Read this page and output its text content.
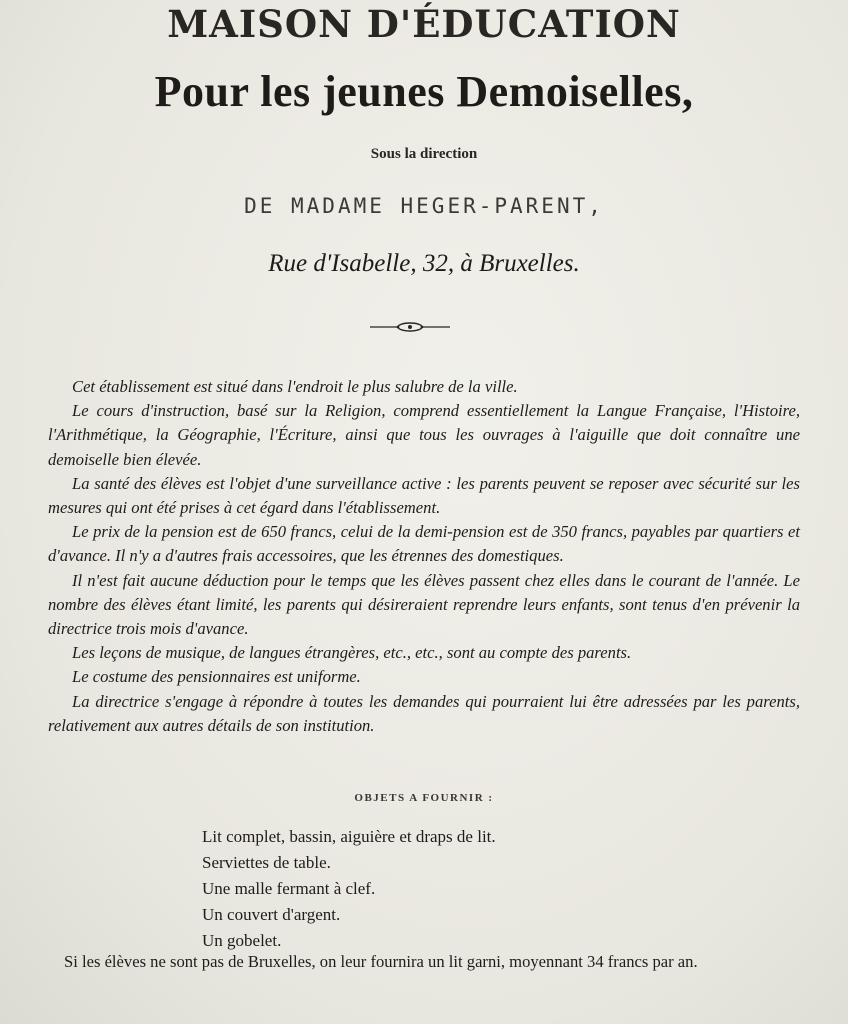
MAISON D'ÉDUCATION
Pour les jeunes Demoiselles,
Sous la direction
DE MADAME HEGER-PARENT,
Rue d'Isabelle, 32, à Bruxelles.

Cet établissement est situé dans l'endroit le plus salubre de la ville.

Le cours d'instruction, basé sur la Religion, comprend essentiellement la Langue Française, l'Histoire, l'Arithmétique, la Géographie, l'Écriture, ainsi que tous les ouvrages à l'aiguille que doit connaître une demoiselle bien élevée.

La santé des élèves est l'objet d'une surveillance active : les parents peuvent se reposer avec sécurité sur les mesures qui ont été prises à cet égard dans l'établissement.

Le prix de la pension est de 650 francs, celui de la demi-pension est de 350 francs, payables par quartiers et d'avance. Il n'y a d'autres frais accessoires, que les étrennes des domestiques.

Il n'est fait aucune déduction pour le temps que les élèves passent chez elles dans le courant de l'année. Le nombre des élèves étant limité, les parents qui désireraient reprendre leurs enfants, sont tenus d'en prévenir la directrice trois mois d'avance.

Les leçons de musique, de langues étrangères, etc., etc., sont au compte des parents.

Le costume des pensionnaires est uniforme.

La directrice s'engage à répondre à toutes les demandes qui pourraient lui être adressées par les parents, relativement aux autres détails de son institution.

OBJETS A FOURNIR :
Lit complet, bassin, aiguière et draps de lit.
Serviettes de table.
Une malle fermant à clef.
Un couvert d'argent.
Un gobelet.

Si les élèves ne sont pas de Bruxelles, on leur fournira un lit garni, moyennant 34 francs par an.
